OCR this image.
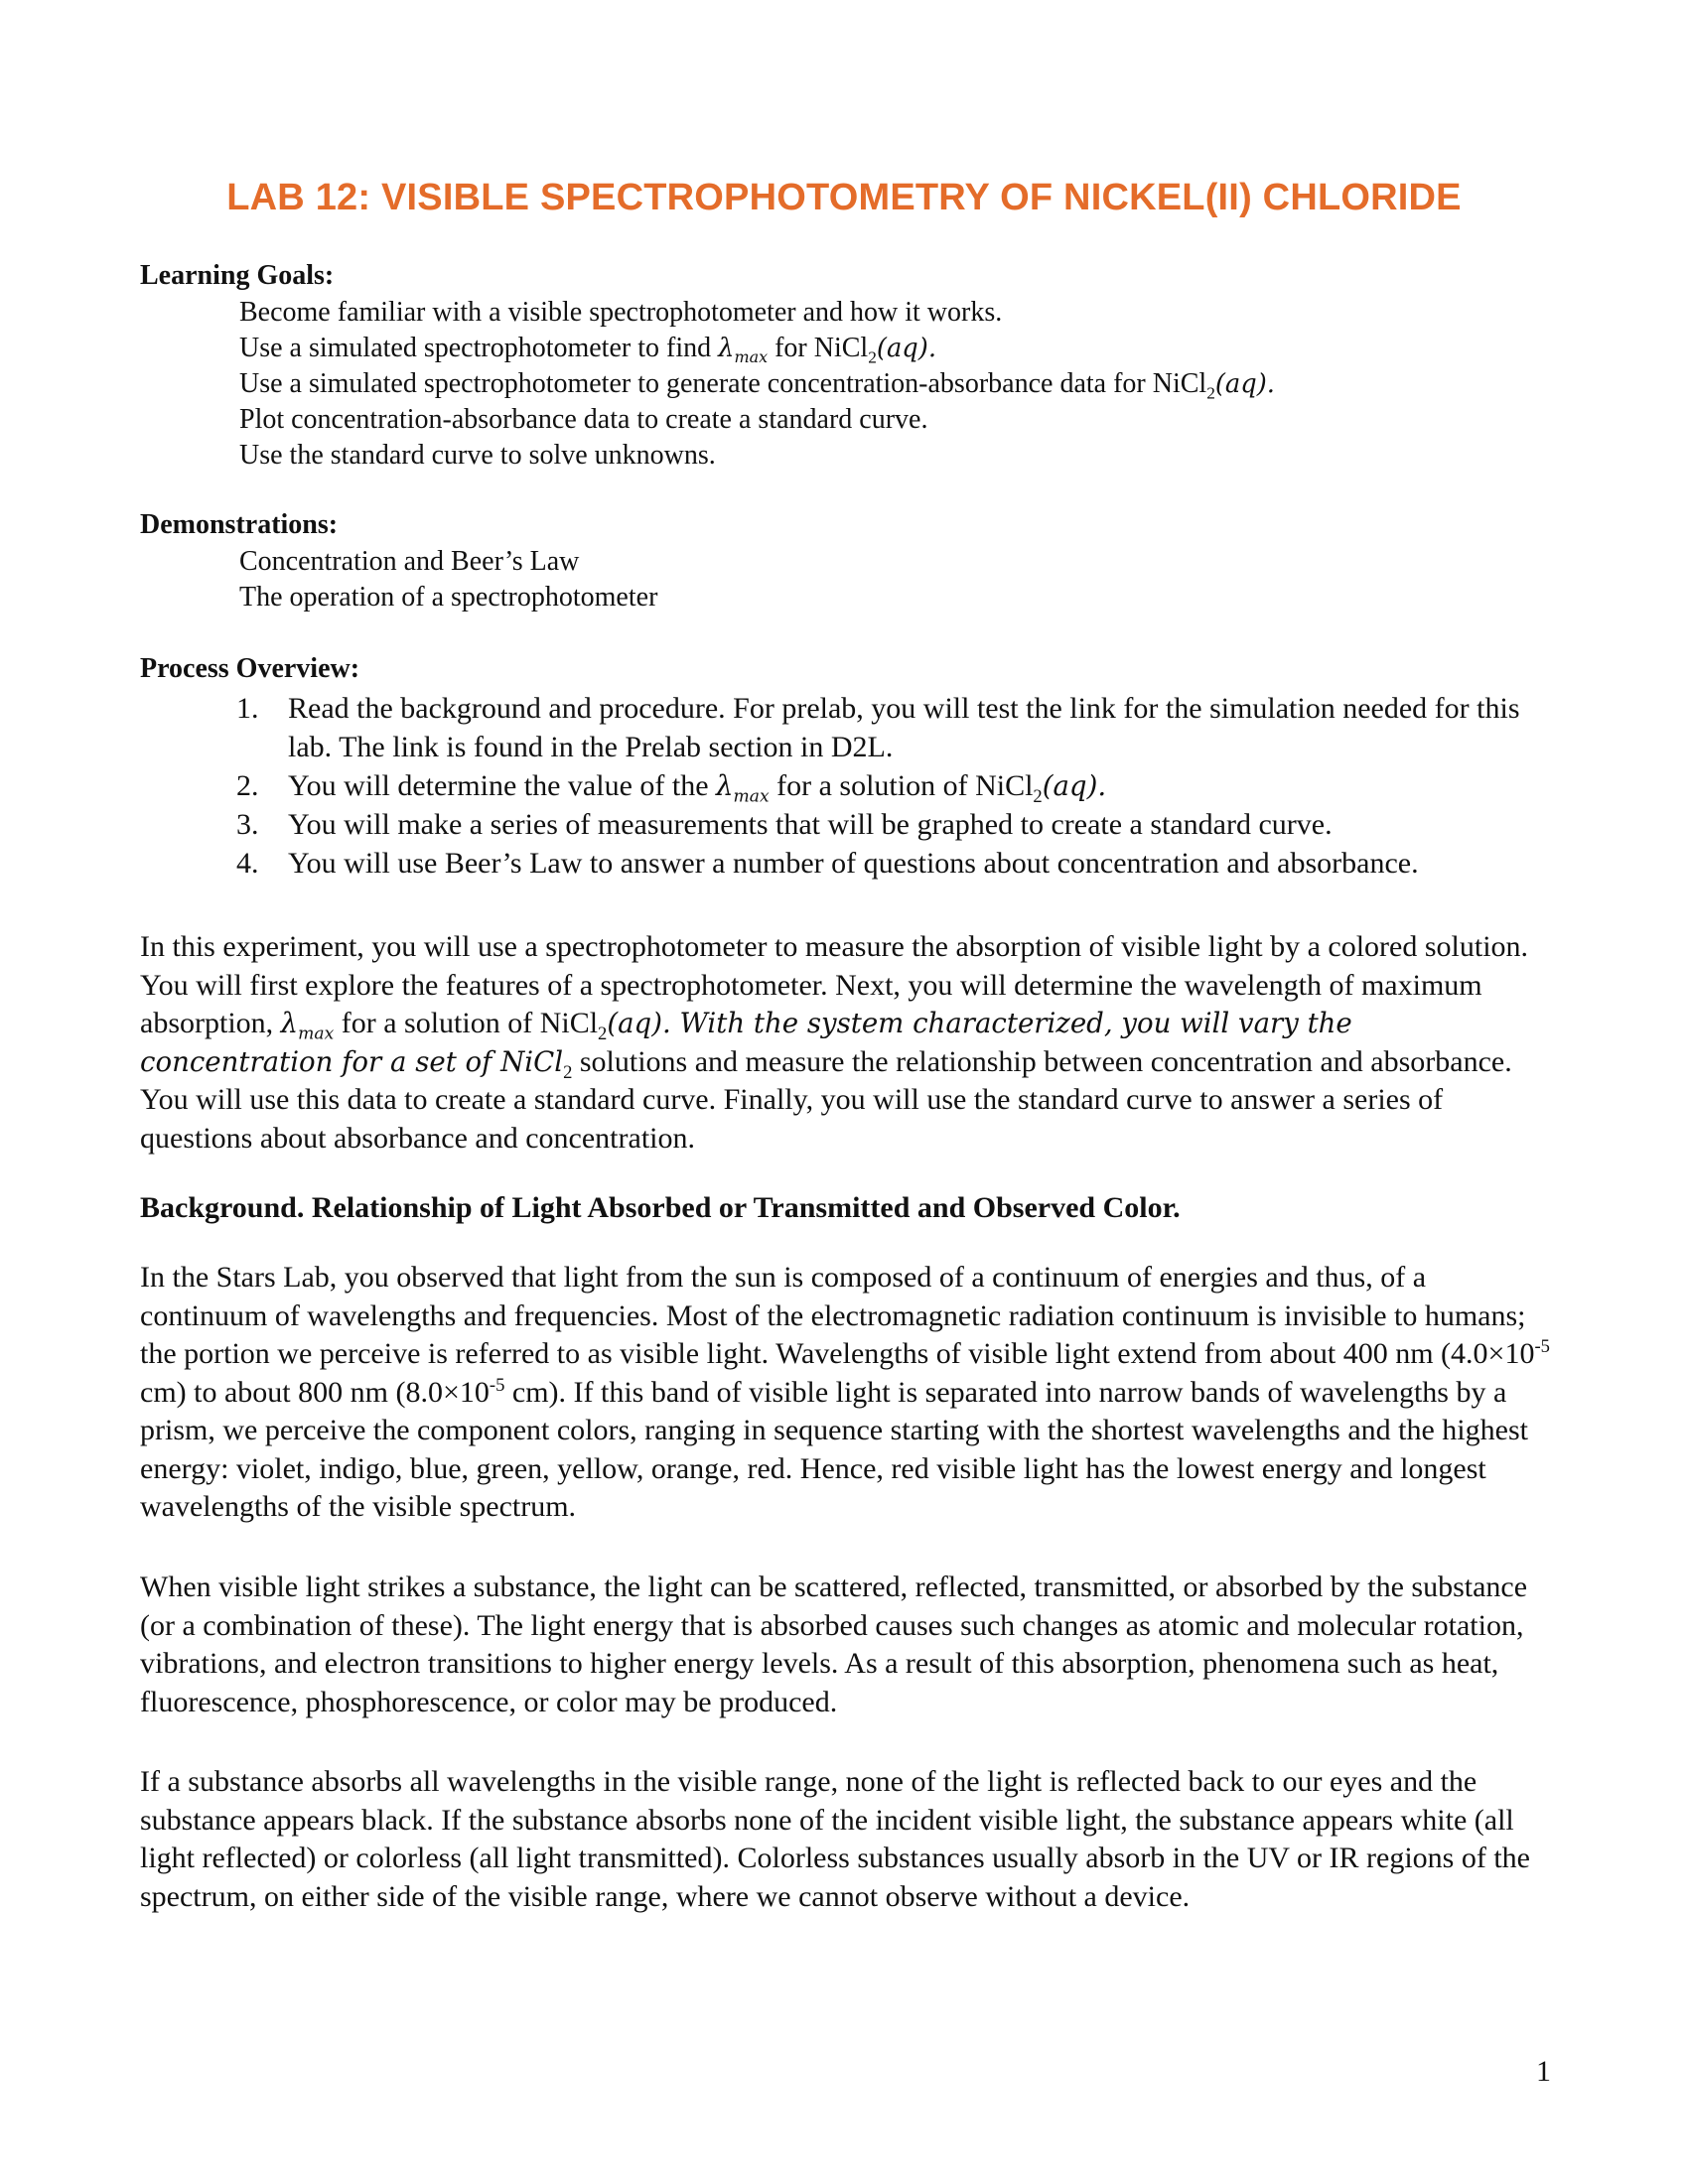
LAB 12: VISIBLE SPECTROPHOTOMETRY OF NICKEL(II) CHLORIDE
Learning Goals:
Become familiar with a visible spectrophotometer and how it works.
Use a simulated spectrophotometer to find $\lambda_{max}$ for NiCl$_2$(aq).
Use a simulated spectrophotometer to generate concentration-absorbance data for NiCl$_2$(aq).
Plot concentration-absorbance data to create a standard curve.
Use the standard curve to solve unknowns.
Demonstrations:
Concentration and Beer’s Law
The operation of a spectrophotometer
Process Overview:
1. Read the background and procedure. For prelab, you will test the link for the simulation needed for this lab. The link is found in the Prelab section in D2L.
2. You will determine the value of the $\lambda_{max}$ for a solution of NiCl$_2$(aq).
3. You will make a series of measurements that will be graphed to create a standard curve.
4. You will use Beer’s Law to answer a number of questions about concentration and absorbance.
In this experiment, you will use a spectrophotometer to measure the absorption of visible light by a colored solution. You will first explore the features of a spectrophotometer. Next, you will determine the wavelength of maximum absorption, $\lambda_{max}$ for a solution of NiCl$_2$(aq). With the system characterized, you will vary the concentration for a set of NiCl$_2$ solutions and measure the relationship between concentration and absorbance. You will use this data to create a standard curve. Finally, you will use the standard curve to answer a series of questions about absorbance and concentration.
Background. Relationship of Light Absorbed or Transmitted and Observed Color.
In the Stars Lab, you observed that light from the sun is composed of a continuum of energies and thus, of a continuum of wavelengths and frequencies. Most of the electromagnetic radiation continuum is invisible to humans; the portion we perceive is referred to as visible light. Wavelengths of visible light extend from about 400 nm ($4.0\times 10^{-5}$ cm) to about 800 nm ($8.0\times 10^{-5}$ cm). If this band of visible light is separated into narrow bands of wavelengths by a prism, we perceive the component colors, ranging in sequence starting with the shortest wavelengths and the highest energy: violet, indigo, blue, green, yellow, orange, red. Hence, red visible light has the lowest energy and longest wavelengths of the visible spectrum.
When visible light strikes a substance, the light can be scattered, reflected, transmitted, or absorbed by the substance (or a combination of these). The light energy that is absorbed causes such changes as atomic and molecular rotation, vibrations, and electron transitions to higher energy levels. As a result of this absorption, phenomena such as heat, fluorescence, phosphorescence, or color may be produced.
If a substance absorbs all wavelengths in the visible range, none of the light is reflected back to our eyes and the substance appears black. If the substance absorbs none of the incident visible light, the substance appears white (all light reflected) or colorless (all light transmitted). Colorless substances usually absorb in the UV or IR regions of the spectrum, on either side of the visible range, where we cannot observe without a device.
1
